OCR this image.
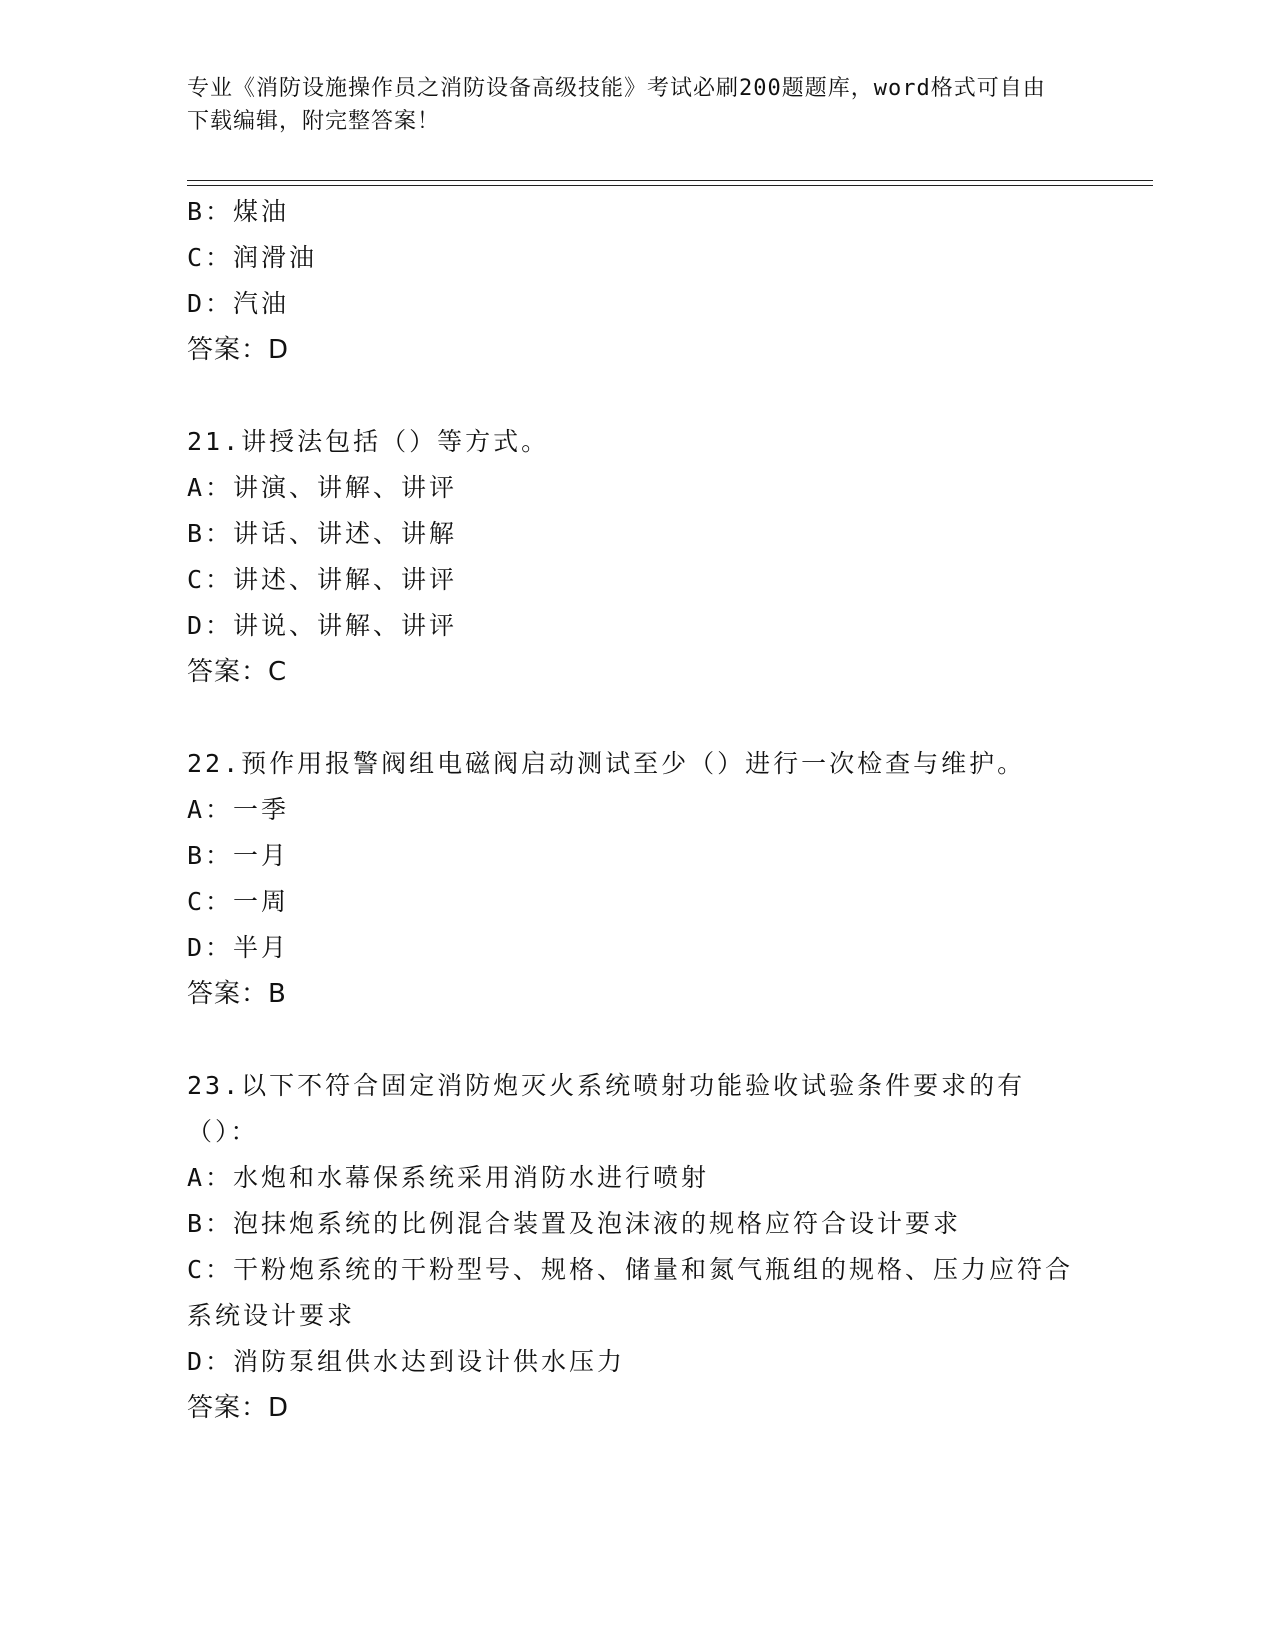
专业《消防设施操作员之消防设备高级技能》考试必刷200题题库，word格式可自由下载编辑，附完整答案！

B：煤油

C：润滑油

D：汽油

答案：D

21.讲授法包括（）等方式。

A：讲演、讲解、讲评

B：讲话、讲述、讲解

C：讲述、讲解、讲评

D：讲说、讲解、讲评

答案：C

22.预作用报警阀组电磁阀启动测试至少（）进行一次检查与维护。

A：一季

B：一月

C：一周

D：半月

答案：B

23.以下不符合固定消防炮灭火系统喷射功能验收试验条件要求的有（）：

A：水炮和水幕保系统采用消防水进行喷射

B：泡抹炮系统的比例混合装置及泡沫液的规格应符合设计要求

C：干粉炮系统的干粉型号、规格、储量和氮气瓶组的规格、压力应符合系统设计要求

D：消防泵组供水达到设计供水压力

答案：D
